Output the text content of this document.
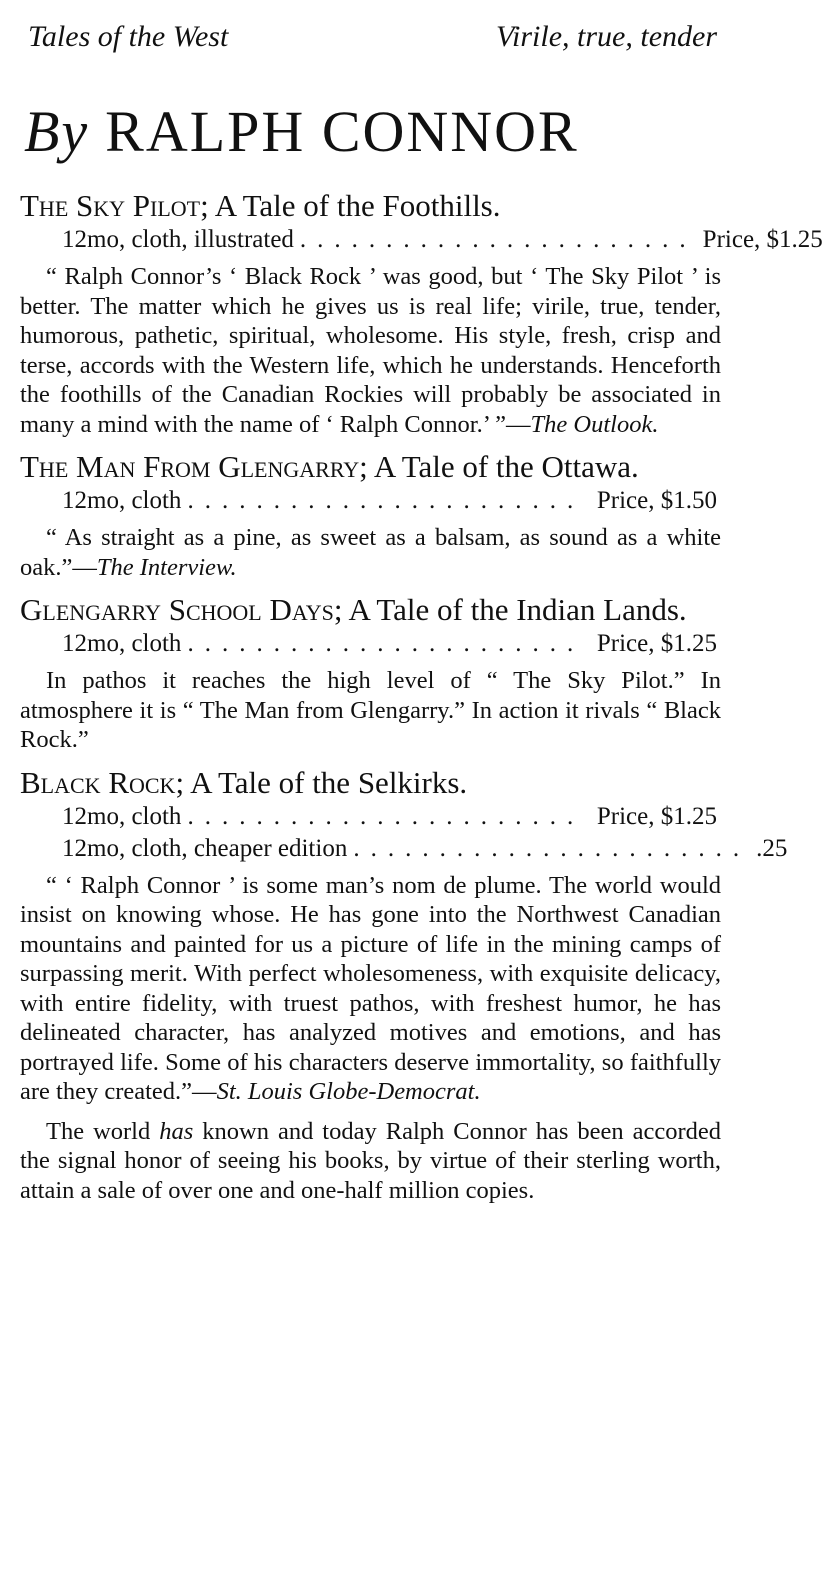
Tales of the West	Virile, true, tender
By RALPH CONNOR

The Sky Pilot; A Tale of the Foothills.

12mo, cloth, illustrated ....................... Price, $1.25

“ Ralph Connor’s ‘ Black Rock ’ was good, but ‘ The Sky Pilot ’ is better. The matter which he gives us is real life; virile, true, tender, humorous, pathetic, spiritual, wholesome. His style, fresh, crisp and terse, accords with the Western life, which he understands. Henceforth the foothills of the Canadian Rockies will probably be associated in many a mind with the name of ‘ Ralph Connor.’ ”—The Outlook.

The Man From Glengarry; A Tale of the Ottawa.

12mo, cloth ....................... Price, $1.50

“ As straight as a pine, as sweet as a balsam, as sound as a white oak.”—The Interview.

Glengarry School Days; A Tale of the Indian Lands.

12mo, cloth ....................... Price, $1.25

In pathos it reaches the high level of “ The Sky Pilot.” In atmosphere it is “ The Man from Glengarry.” In action it rivals “ Black Rock.”

Black Rock; A Tale of the Selkirks.

12mo, cloth ....................... Price, $1.25
12mo, cloth, cheaper edition ....................... .25

“ ‘ Ralph Connor ’ is some man’s nom de plume. The world would insist on knowing whose. He has gone into the Northwest Canadian mountains and painted for us a picture of life in the mining camps of surpassing merit. With perfect wholesomeness, with exquisite delicacy, with entire fidelity, with truest pathos, with freshest humor, he has delineated character, has analyzed motives and emotions, and has portrayed life. Some of his characters deserve immortality, so faithfully are they created.”—St. Louis Globe-Democrat.

The world has known and today Ralph Connor has been accorded the signal honor of seeing his books, by virtue of their sterling worth, attain a sale of over one and one-half million copies.
